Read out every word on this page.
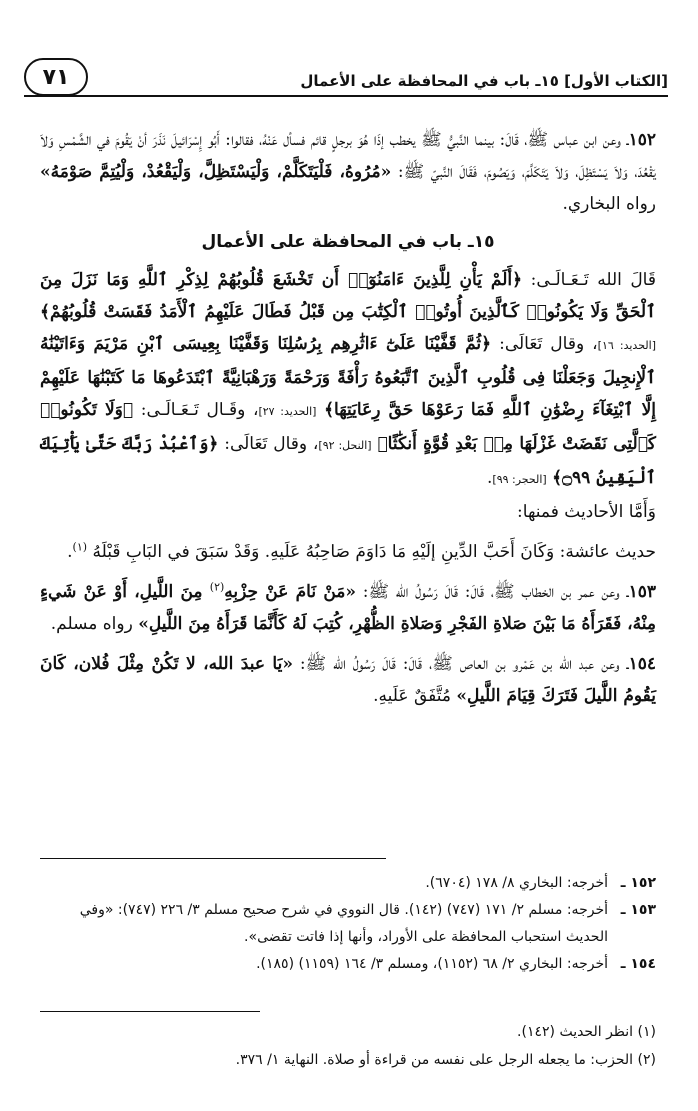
[الكتاب الأول] ١٥ـ باب في المحافظة على الأعمال
٧١

١٥٢ـ وعن ابن عباس ﷺ، قَالَ: بينما النَّبيُّ ﷺ يخطب إذَا هُوَ برجلٍ قائم فسأل عَنْهُ، فقالوا: أَبُو إِسْرَائيلَ نَذَرَ أنْ يَقُومَ في الشَّمْسِ وَلاَ يَقْعُدَ، وَلاَ يَسْتَظِلَ، وَلاَ يَتَكَلَّمَ، وَيَصُومَ، فَقَالَ النَّبيّ ﷺ: «مُرُوهُ، فَلْيَتَكَلَّمْ، وَلْيَسْتَظِلَّ، وَلْيَقْعُدْ، وَلْيُتِمَّ صَوْمَهُ» رواه البخاري.

١٥ـ باب في المحافظة على الأعمال

قَالَ الله تَـعَـالَـى: ﴿أَلَمْ يَأْنِ لِلَّذِينَ ءَامَنُوٓا۟ أَن تَخْشَعَ قُلُوبُهُمْ لِذِكْرِ ٱللَّهِ وَمَا نَزَلَ مِنَ ٱلْحَقِّ وَلَا يَكُونُوا۟ كَٱلَّذِينَ أُوتُوا۟ ٱلْكِتَٰبَ مِن قَبْلُ فَطَالَ عَلَيْهِمُ ٱلْأَمَدُ فَقَسَتْ قُلُوبُهُمْ﴾ [الحديد: ١٦]، وقال تَعَالَى: ﴿ثُمَّ قَفَّيْنَا عَلَىٰٓ ءَاثَٰرِهِم بِرُسُلِنَا وَقَفَّيْنَا بِعِيسَى ٱبْنِ مَرْيَمَ وَءَاتَيْنَٰهُ ٱلْإِنجِيلَ وَجَعَلْنَا فِى قُلُوبِ ٱلَّذِينَ ٱتَّبَعُوهُ رَأْفَةً وَرَحْمَةً وَرَهْبَانِيَّةً ٱبْتَدَعُوهَا مَا كَتَبْنَٰهَا عَلَيْهِمْ إِلَّا ٱبْتِغَآءَ رِضْوَٰنِ ٱللَّهِ فَمَا رَعَوْهَا حَقَّ رِعَايَتِهَا﴾ [الحديد: ٢٧]، وقَـال تَـعَـالَـى: ﴿وَلَا تَكُونُوا۟ كَٱلَّتِى نَقَضَتْ غَزْلَهَا مِنۢ بَعْدِ قُوَّةٍ أَنكَٰثًا﴾ [النحل: ٩٢]، وقال تَعَالَى: ﴿وَٱعْبُدْ رَبَّكَ حَتَّىٰ يَأْتِيَكَ ٱلْيَقِينُ ۝٩٩﴾ [الحجر: ٩٩].

وَأَمَّا الأحاديث فمنها:

حديث عائشة: وَكَانَ أَحَبَّ الدِّينِ إلَيْهِ مَا دَاوَمَ صَاحِبُهُ عَلَيهِ. وَقَدْ سَبَقَ في البَابِ قَبْلَهُ $^{(١)}$.

١٥٣ـ وعن عمر بن الخطاب ﷺ، قَالَ: قَالَ رَسُولُ الله ﷺ: «مَنْ نَامَ عَنْ حِزْبِهِ$^{(٢)}$ مِنَ اللَّيلِ، أَوْ عَنْ شَيءٍ مِنْهُ، فَقَرَأَهُ مَا بَيْنَ صَلاةِ الفَجْرِ وَصَلاةِ الظُّهْرِ، كُتِبَ لَهُ كَأَنَّمَا قَرَأَهُ مِنَ اللَّيلِ» رواه مسلم.

١٥٤ـ وعن عبد الله بن عَمْرو بن العاص ﷺ، قَالَ: قَالَ رَسُولُ الله ﷺ: «يَا عبدَ الله، لا تَكُنْ مِثْلَ فُلان، كَانَ يَقُومُ اللَّيلَ فَتَرَكَ قِيَامَ اللَّيلِ» مُتَّفَقٌ عَلَيهِ.

١٥٢ ـ
أخرجه: البخاري ٨/ ١٧٨ (٦٧٠٤).
١٥٣ ـ
أخرجه: مسلم ٢/ ١٧١ (٧٤٧) (١٤٢). قال النووي في شرح صحيح مسلم ٣/ ٢٢٦ (٧٤٧): «وفي الحديث استحباب المحافظة على الأوراد، وأنها إذا فاتت تقضى».
١٥٤ ـ
أخرجه: البخاري ٢/ ٦٨ (١١٥٢)، ومسلم ٣/ ١٦٤ (١١٥٩) (١٨٥).
(١) انظر الحديث (١٤٢).
(٢) الحزب: ما يجعله الرجل على نفسه من قراءة أو صلاة. النهاية ١/ ٣٧٦.
